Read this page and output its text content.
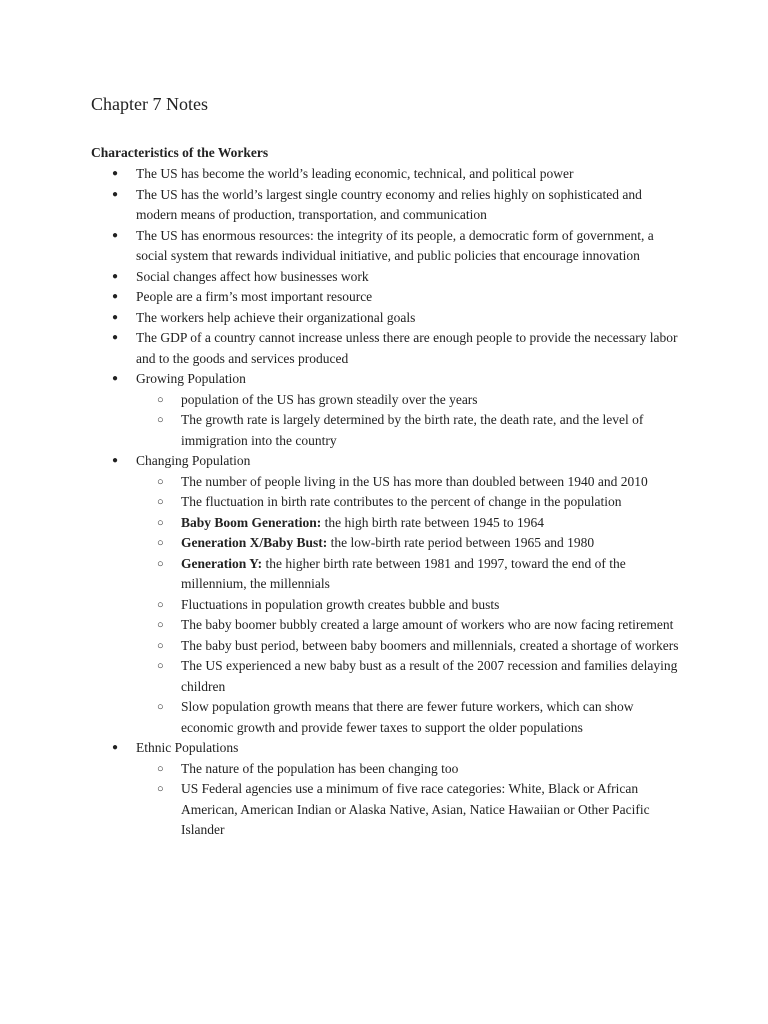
Chapter 7 Notes
Characteristics of the Workers
● The US has become the world’s leading economic, technical, and political power
● The US has the world’s largest single country economy and relies highly on sophisticated and modern means of production, transportation, and communication
● The US has enormous resources: the integrity of its people, a democratic form of government, a social system that rewards individual initiative, and public policies that encourage innovation
● Social changes affect how businesses work
● People are a firm’s most important resource
● The workers help achieve their organizational goals
● The GDP of a country cannot increase unless there are enough people to provide the necessary labor and to the goods and services produced
● Growing Population
○ population of the US has grown steadily over the years
○ The growth rate is largely determined by the birth rate, the death rate, and the level of immigration into the country
● Changing Population
○ The number of people living in the US has more than doubled between 1940 and 2010
○ The fluctuation in birth rate contributes to the percent of change in the population
○ Baby Boom Generation: the high birth rate between 1945 to 1964
○ Generation X/Baby Bust: the low-birth rate period between 1965 and 1980
○ Generation Y: the higher birth rate between 1981 and 1997, toward the end of the millennium, the millennials
○ Fluctuations in population growth creates bubble and busts
○ The baby boomer bubbly created a large amount of workers who are now facing retirement
○ The baby bust period, between baby boomers and millennials, created a shortage of workers
○ The US experienced a new baby bust as a result of the 2007 recession and families delaying children
○ Slow population growth means that there are fewer future workers, which can show economic growth and provide fewer taxes to support the older populations
● Ethnic Populations
○ The nature of the population has been changing too
○ US Federal agencies use a minimum of five race categories: White, Black or African American, American Indian or Alaska Native, Asian, Natice Hawaiian or Other Pacific Islander
